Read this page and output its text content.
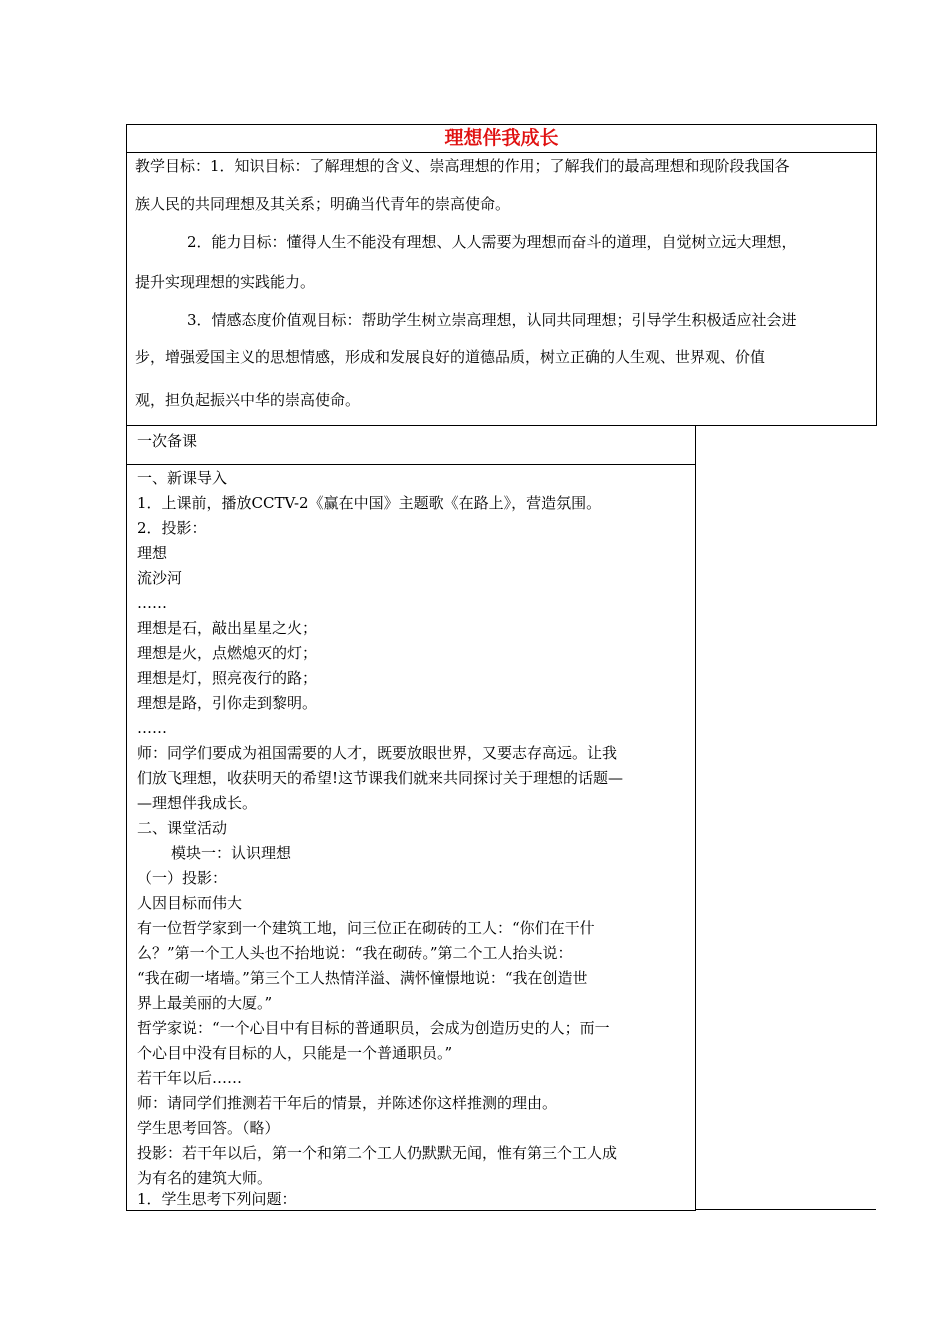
理想伴我成长
教学目标：1．知识目标：了解理想的含义、崇高理想的作用；了解我们的最高理想和现阶段我国各
族人民的共同理想及其关系；明确当代青年的崇高使命。
2．能力目标：懂得人生不能没有理想、人人需要为理想而奋斗的道理，自觉树立远大理想，
提升实现理想的实践能力。
3．情感态度价值观目标：帮助学生树立崇高理想，认同共同理想；引导学生积极适应社会进
步，增强爱国主义的思想情感，形成和发展良好的道德品质，树立正确的人生观、世界观、价值
观，担负起振兴中华的崇高使命。
一次备课
一、新课导入
1．上课前，播放CCTV-2《赢在中国》主题歌《在路上》，营造氛围。
2．投影：
理想
流沙河
……
理想是石，敲出星星之火；
理想是火，点燃熄灭的灯；
理想是灯，照亮夜行的路；
理想是路，引你走到黎明。
……
师：同学们要成为祖国需要的人才，既要放眼世界，又要志存高远。让我
们放飞理想，收获明天的希望!这节课我们就来共同探讨关于理想的话题—
—理想伴我成长。
二、课堂活动
模块一：认识理想
（一）投影：
人因目标而伟大
有一位哲学家到一个建筑工地，问三位正在砌砖的工人：“你们在干什
么？”第一个工人头也不抬地说：“我在砌砖。”第二个工人抬头说：
“我在砌一堵墙。”第三个工人热情洋溢、满怀憧憬地说：“我在创造世
界上最美丽的大厦。”
哲学家说：“一个心目中有目标的普通职员，会成为创造历史的人；而一
个心目中没有目标的人，只能是一个普通职员。”
若干年以后……
师：请同学们推测若干年后的情景，并陈述你这样推测的理由。
学生思考回答。（略）
投影：若干年以后，第一个和第二个工人仍默默无闻，惟有第三个工人成
为有名的建筑大师。
1．学生思考下列问题：
